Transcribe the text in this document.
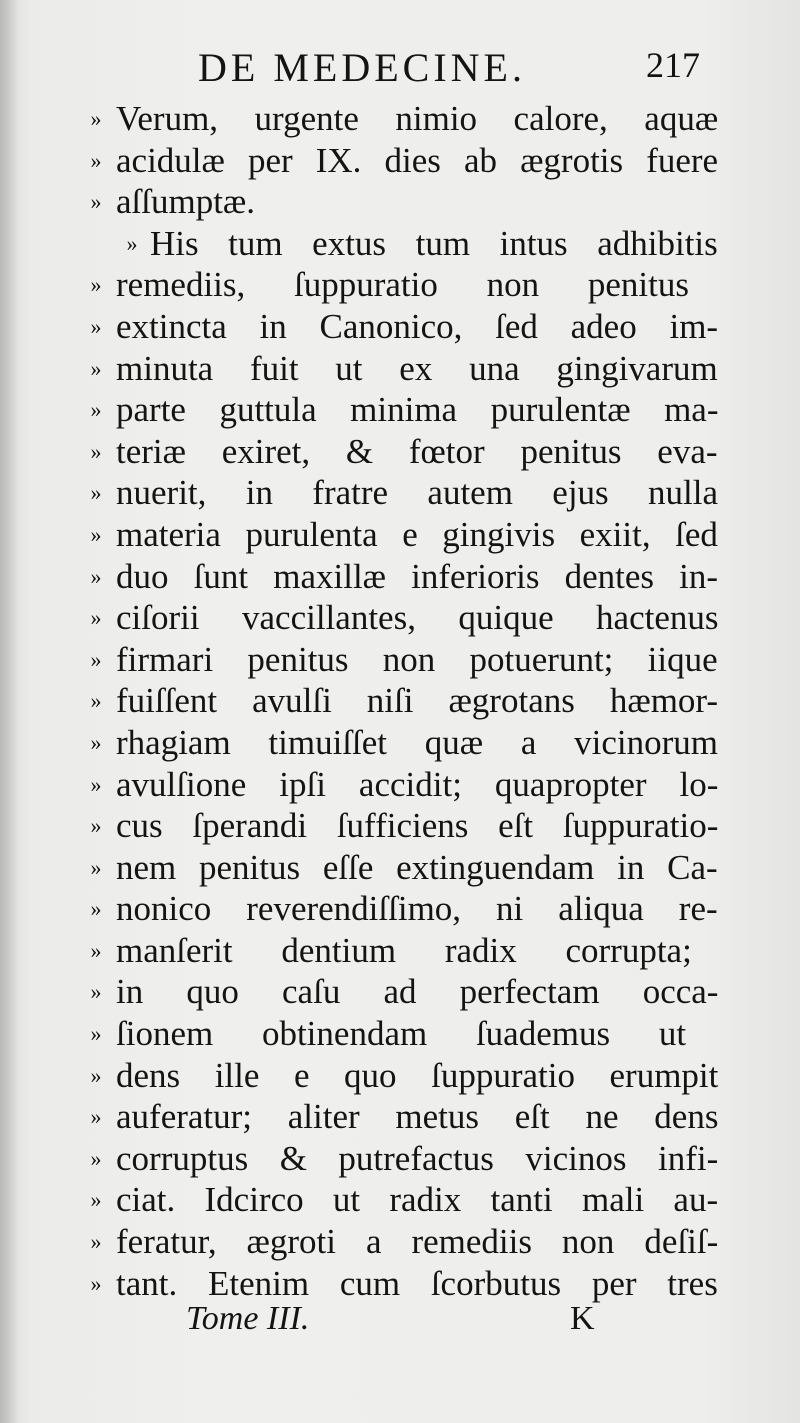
DE MEDECINE.	217
» Verum, urgente nimio calore, aquæ
» acidulæ per IX. dies ab ægrotis fuere
» aſſumptæ.
» His tum extus tum intus adhibitis
» remediis, ſuppuratio non penitus
» extincta in Canonico, ſed adeo im-
» minuta fuit ut ex una gingivarum
» parte guttula minima purulentæ ma-
» teriæ exiret, & fœtor penitus eva-
» nuerit, in fratre autem ejus nulla
» materia purulenta e gingivis exiit, ſed
» duo ſunt maxillæ inferioris dentes in-
» ciſorii vaccillantes, quique hactenus
» firmari penitus non potuerunt; iique
» fuiſſent avulſi niſi ægrotans hæmor-
» rhagiam timuiſſet quæ a vicinorum
» avulſione ipſi accidit; quapropter lo-
» cus ſperandi ſufficiens eſt ſuppuratio-
» nem penitus eſſe extinguendam in Ca-
» nonico reverendiſſimo, ni aliqua re-
» manſerit dentium radix corrupta;
» in quo caſu ad perfectam occa-
» ſionem obtinendam ſuademus ut
» dens ille e quo ſuppuratio erumpit
» auferatur; aliter metus eſt ne dens
» corruptus & putrefactus vicinos infi-
» ciat. Idcirco ut radix tanti mali au-
» feratur, ægroti a remediis non deſiſ-
» tant. Etenim cum ſcorbutus per tres
Tome III.	K
